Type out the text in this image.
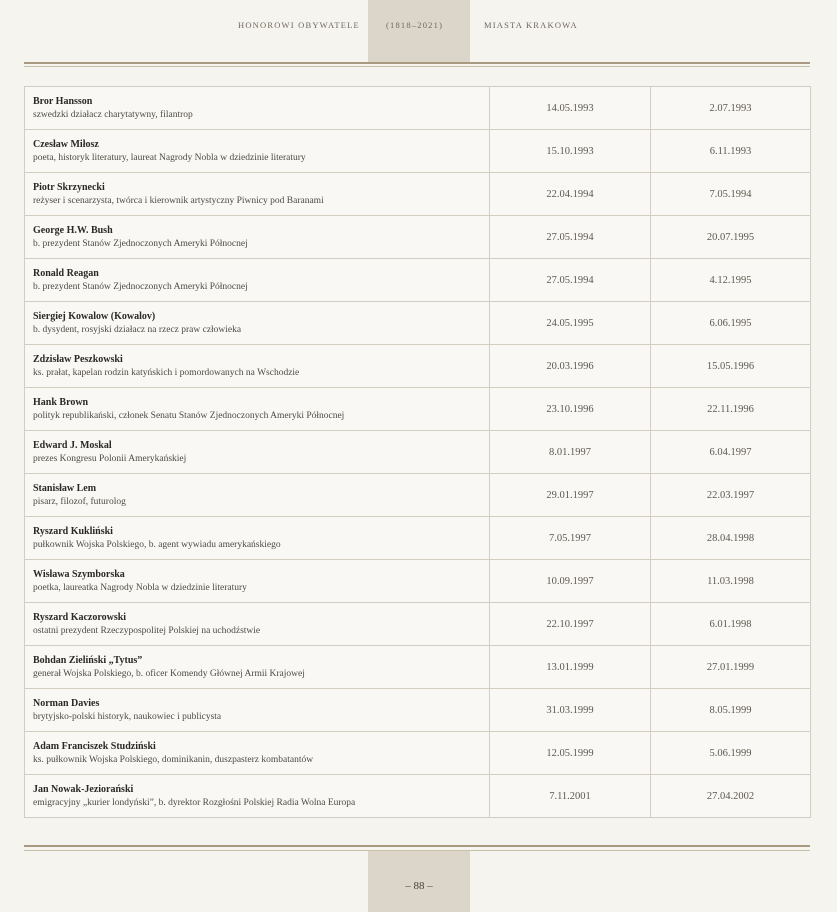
HONOROWI OBYWATELE	(1818–2021)	MIASTA KRAKOWA
Bror Hansson
szwedzki działacz charytatywny, filantrop	14.05.1993	2.07.1993

Czesław Miłosz
poeta, historyk literatury, laureat Nagrody Nobla w dziedzinie literatury	15.10.1993	6.11.1993

Piotr Skrzynecki
reżyser i scenarzysta, twórca i kierownik artystyczny Piwnicy pod Baranami	22.04.1994	7.05.1994

George H.W. Bush
b. prezydent Stanów Zjednoczonych Ameryki Północnej	27.05.1994	20.07.1995

Ronald Reagan
b. prezydent Stanów Zjednoczonych Ameryki Północnej	27.05.1994	4.12.1995

Siergiej Kowalow (Kowalov)
b. dysydent, rosyjski działacz na rzecz praw człowieka	24.05.1995	6.06.1995

Zdzisław Peszkowski
ks. prałat, kapelan rodzin katyńskich i pomordowanych na Wschodzie	20.03.1996	15.05.1996

Hank Brown
polityk republikański, członek Senatu Stanów Zjednoczonych Ameryki Północnej	23.10.1996	22.11.1996

Edward J. Moskal
prezes Kongresu Polonii Amerykańskiej	8.01.1997	6.04.1997

Stanisław Lem
pisarz, filozof, futurolog	29.01.1997	22.03.1997

Ryszard Kukliński
pułkownik Wojska Polskiego, b. agent wywiadu amerykańskiego	7.05.1997	28.04.1998

Wisława Szymborska
poetka, laureatka Nagrody Nobla w dziedzinie literatury	10.09.1997	11.03.1998

Ryszard Kaczorowski
ostatni prezydent Rzeczypospolitej Polskiej na uchodźstwie	22.10.1997	6.01.1998

Bohdan Zieliński „Tytus”
generał Wojska Polskiego, b. oficer Komendy Głównej Armii Krajowej	13.01.1999	27.01.1999

Norman Davies
brytyjsko-polski historyk, naukowiec i publicysta	31.03.1999	8.05.1999

Adam Franciszek Studziński
ks. pułkownik Wojska Polskiego, dominikanin, duszpasterz kombatantów	12.05.1999	5.06.1999

Jan Nowak-Jeziorański
emigracyjny „kurier londyński”, b. dyrektor Rozgłośni Polskiej Radia Wolna Europa	7.11.2001	27.04.2002
– 88 –
